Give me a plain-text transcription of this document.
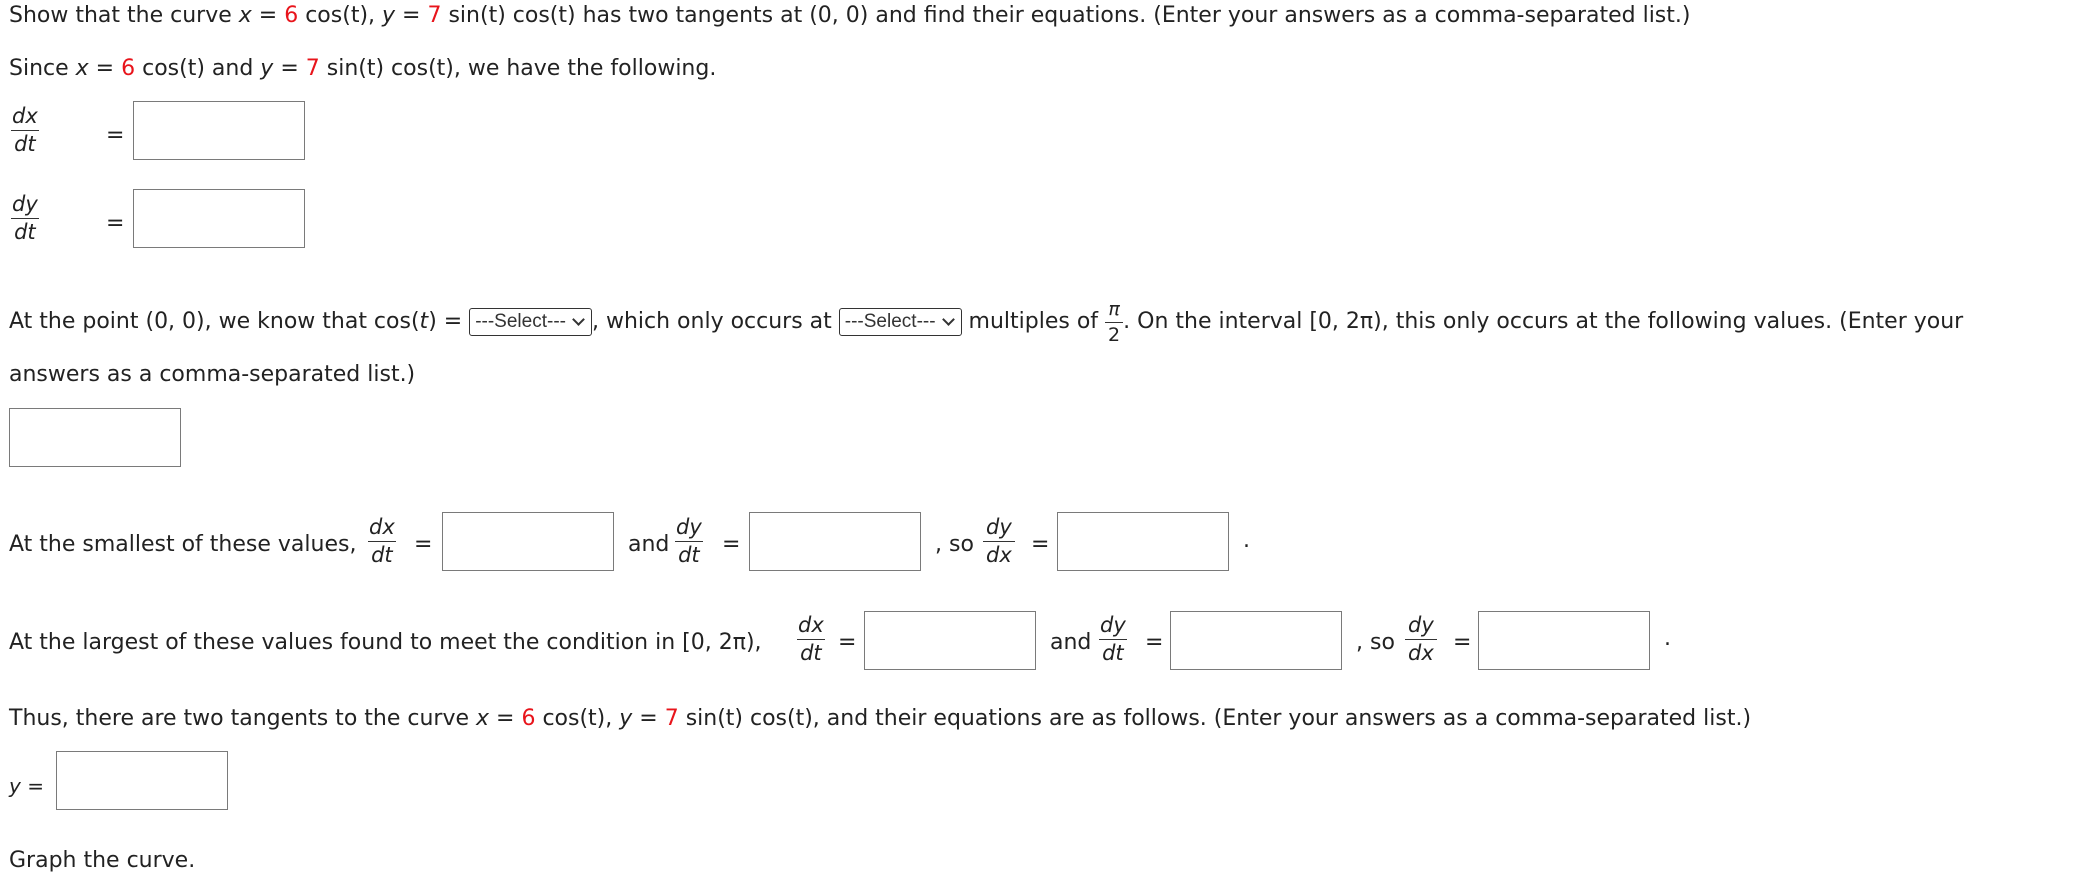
Show that the curve x = 6 cos(t), y = 7 sin(t) cos(t) has two tangents at (0, 0) and find their equations. (Enter your answers as a comma-separated list.)
Since x = 6 cos(t) and y = 7 sin(t) cos(t), we have the following.
$\frac{dx}{dt}$	=
$\frac{dy}{dt}$	=
At the point (0, 0), we know that cos(t) = ---Select--- , which only occurs at ---Select--- multiples of $\frac{\pi}{2}$ . On the interval [0, 2π), this only occurs at the following values. (Enter your
answers as a comma-separated list.)
At the smallest of these values, $\frac{dx}{dt}$ =	and $\frac{dy}{dt}$ =	, so $\frac{dy}{dx}$ =	.
At the largest of these values found to meet the condition in [0, 2π), $\frac{dx}{dt}$ =	and $\frac{dy}{dt}$ =	, so $\frac{dy}{dx}$ =	.
Thus, there are two tangents to the curve x = 6 cos(t), y = 7 sin(t) cos(t), and their equations are as follows. (Enter your answers as a comma-separated list.)
y =
Graph the curve.
